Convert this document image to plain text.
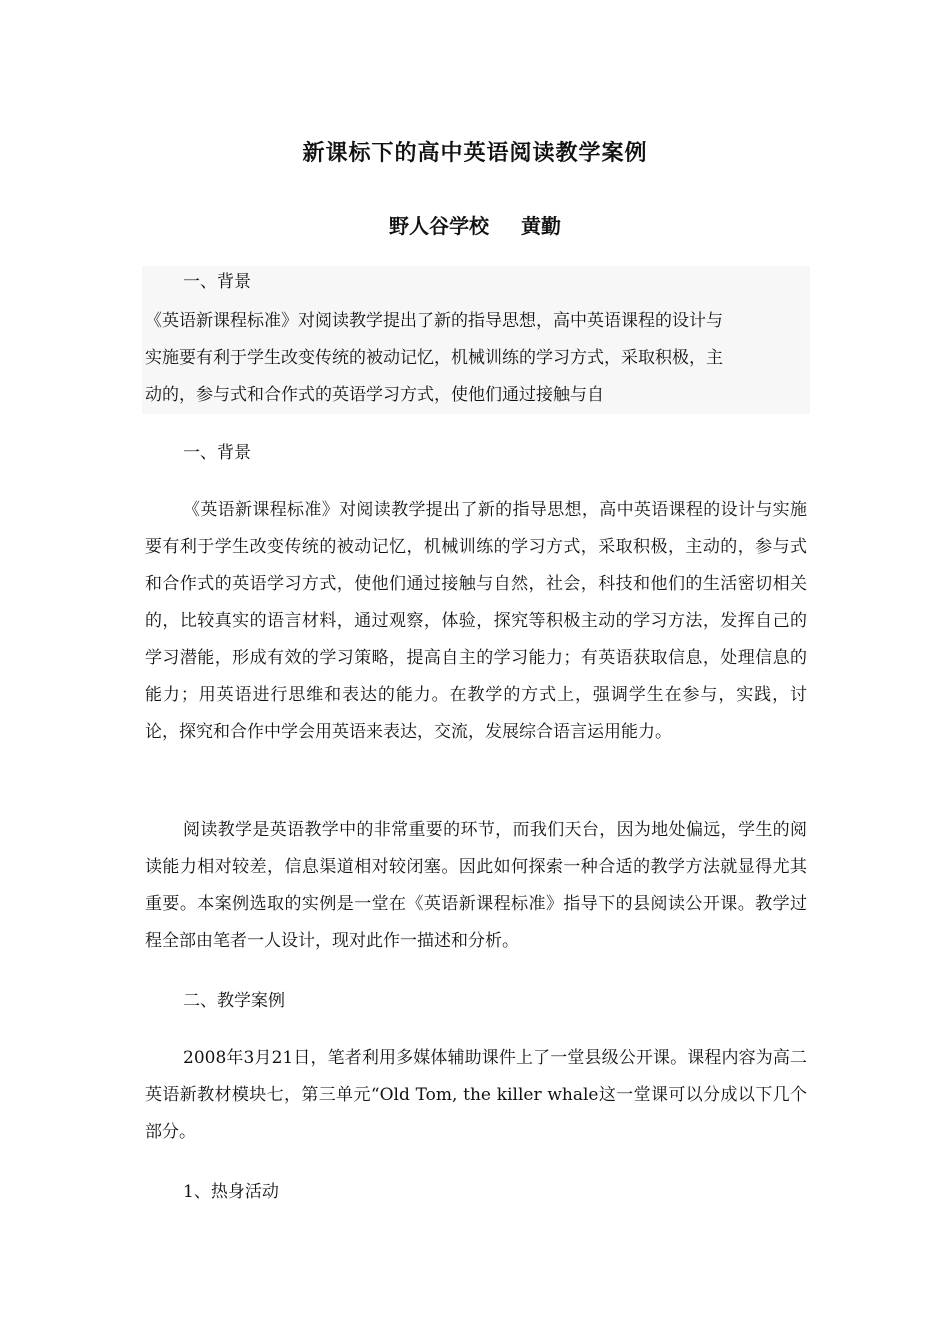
新课标下的高中英语阅读教学案例

野人谷学校 黄勤

一、背景

《英语新课程标准》对阅读教学提出了新的指导思想，高中英语课程的设计与

实施要有利于学生改变传统的被动记忆，机械训练的学习方式，采取积极，主

动的，参与式和合作式的英语学习方式，使他们通过接触与自

一、背景

《英语新课程标准》对阅读教学提出了新的指导思想，高中英语课程的设计与实施要有利于学生改变传统的被动记忆，机械训练的学习方式，采取积极，主动的，参与式和合作式的英语学习方式，使他们通过接触与自然，社会，科技和他们的生活密切相关的，比较真实的语言材料，通过观察，体验，探究等积极主动的学习方法，发挥自己的学习潜能，形成有效的学习策略，提高自主的学习能力；有英语获取信息，处理信息的能力；用英语进行思维和表达的能力。在教学的方式上，强调学生在参与，实践，讨论，探究和合作中学会用英语来表达，交流，发展综合语言运用能力。

阅读教学是英语教学中的非常重要的环节，而我们天台，因为地处偏远，学生的阅读能力相对较差，信息渠道相对较闭塞。因此如何探索一种合适的教学方法就显得尤其重要。本案例选取的实例是一堂在《英语新课程标准》指导下的县阅读公开课。教学过程全部由笔者一人设计，现对此作一描述和分析。

二、教学案例

2008年3月21日，笔者利用多媒体辅助课件上了一堂县级公开课。课程内容为高二英语新教材模块七，第三单元“Old Tom, the killer whale这一堂课可以分成以下几个部分。

1、热身活动
